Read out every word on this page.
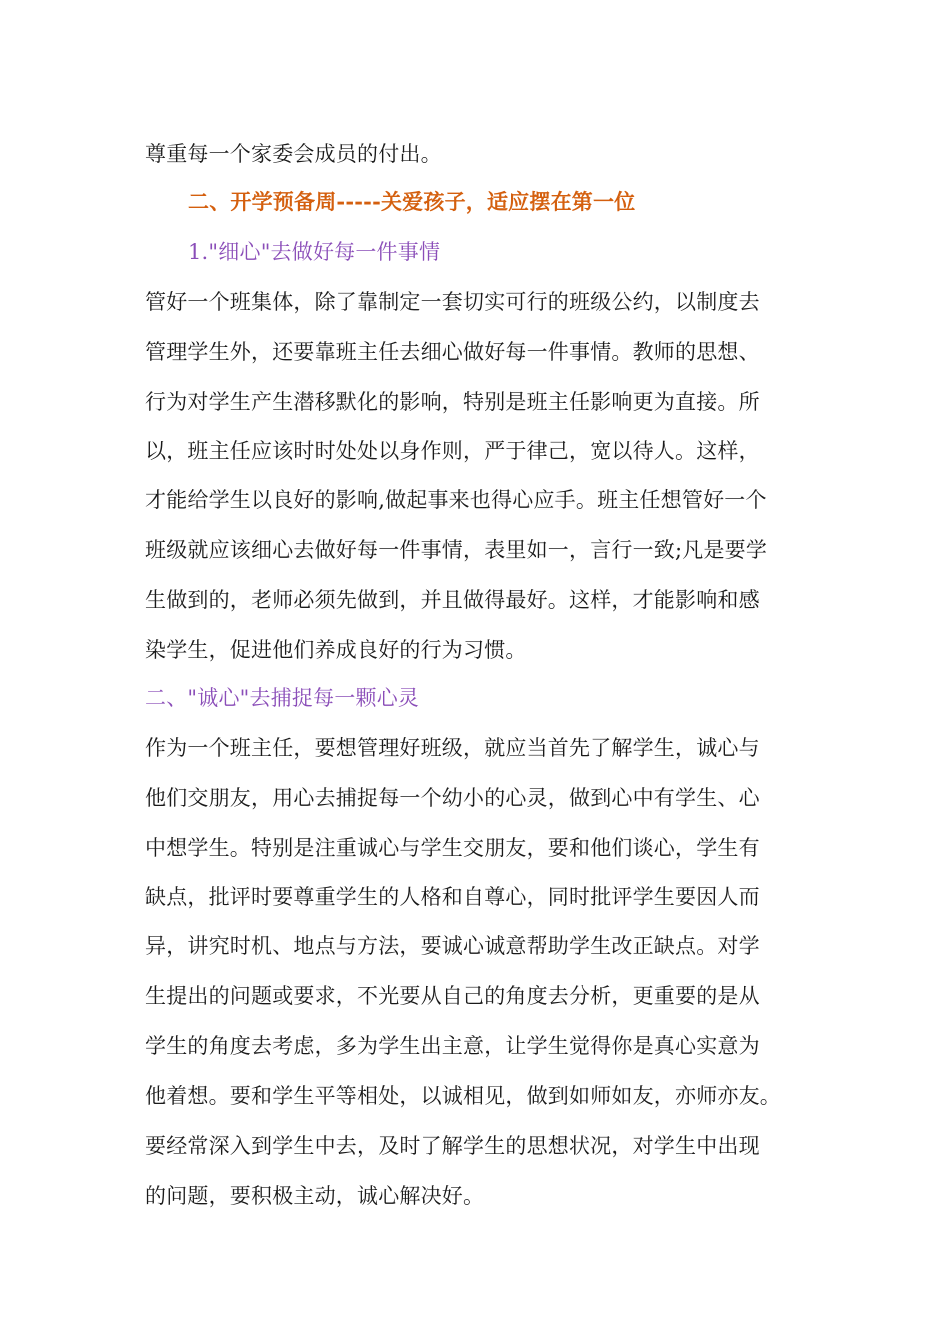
尊重每一个家委会成员的付出。
二、开学预备周-----关爱孩子，适应摆在第一位
1."细心"去做好每一件事情
管好一个班集体，除了靠制定一套切实可行的班级公约，以制度去
管理学生外，还要靠班主任去细心做好每一件事情。教师的思想、
行为对学生产生潜移默化的影响，特别是班主任影响更为直接。所
以，班主任应该时时处处以身作则，严于律己，宽以待人。这样，
才能给学生以良好的影响,做起事来也得心应手。班主任想管好一个
班级就应该细心去做好每一件事情，表里如一，言行一致;凡是要学
生做到的，老师必须先做到，并且做得最好。这样，才能影响和感
染学生，促进他们养成良好的行为习惯。
二、"诚心"去捕捉每一颗心灵
作为一个班主任，要想管理好班级，就应当首先了解学生，诚心与
他们交朋友，用心去捕捉每一个幼小的心灵，做到心中有学生、心
中想学生。特别是注重诚心与学生交朋友，要和他们谈心，学生有
缺点，批评时要尊重学生的人格和自尊心，同时批评学生要因人而
异，讲究时机、地点与方法，要诚心诚意帮助学生改正缺点。对学
生提出的问题或要求，不光要从自己的角度去分析，更重要的是从
学生的角度去考虑，多为学生出主意，让学生觉得你是真心实意为
他着想。要和学生平等相处，以诚相见，做到如师如友，亦师亦友。
要经常深入到学生中去，及时了解学生的思想状况，对学生中出现
的问题，要积极主动，诚心解决好。
